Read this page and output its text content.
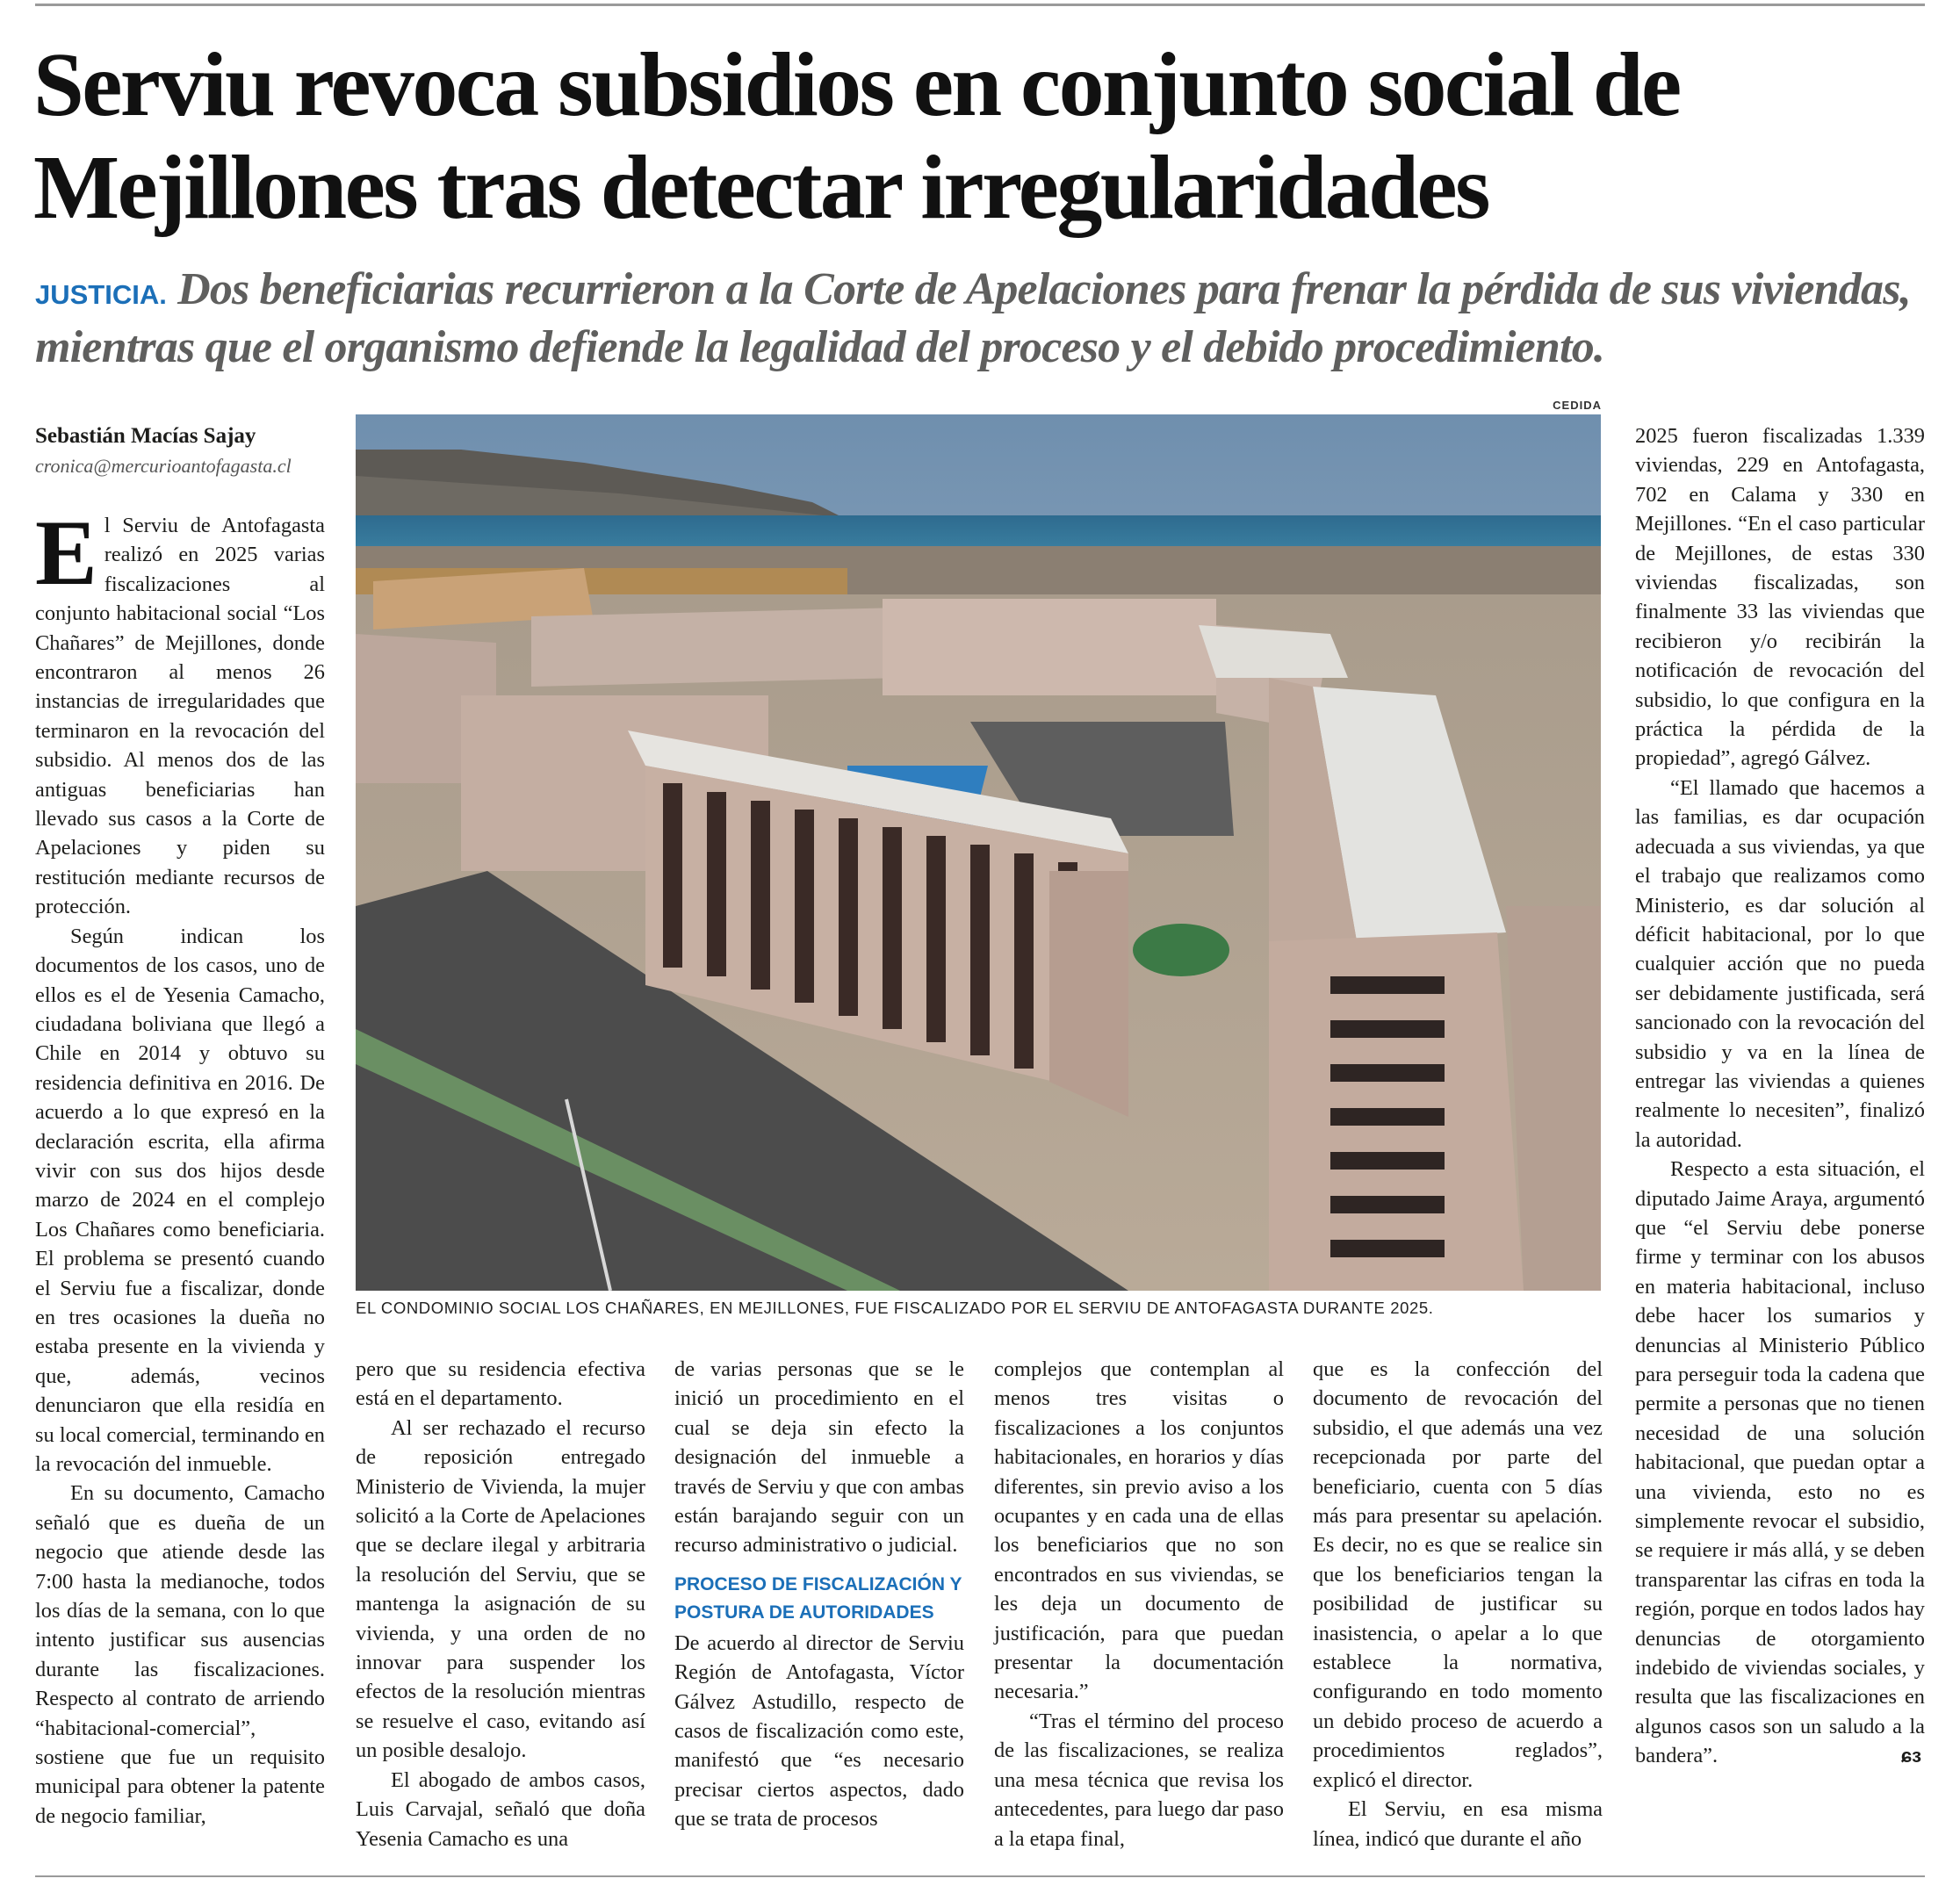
Serviu revoca subsidios en conjunto social de Mejillones tras detectar irregularidades

JUSTICIA. Dos beneficiarias recurrieron a la Corte de Apelaciones para frenar la pérdida de sus viviendas, mientras que el organismo defiende la legalidad del proceso y el debido procedimiento.

Sebastián Macías Sajay
cronica@mercurioantofagasta.cl
CEDIDA
EL CONDOMINIO SOCIAL LOS CHAÑARES, EN MEJILLONES, FUE FISCALIZADO POR EL SERVIU DE ANTOFAGASTA DURANTE 2025.

El Serviu de Antofagasta realizó en 2025 varias fiscalizaciones al conjunto habitacional social “Los Chañares” de Mejillones, donde encontraron al menos 26 instancias de irregularidades que terminaron en la revocación del subsidio. Al menos dos de las antiguas beneficiarias han llevado sus casos a la Corte de Apelaciones y piden su restitución mediante recursos de protección.

Según indican los documentos de los casos, uno de ellos es el de Yesenia Camacho, ciudadana boliviana que llegó a Chile en 2014 y obtuvo su residencia definitiva en 2016. De acuerdo a lo que expresó en la declaración escrita, ella afirma vivir con sus dos hijos desde marzo de 2024 en el complejo Los Chañares como beneficiaria. El problema se presentó cuando el Serviu fue a fiscalizar, donde en tres ocasiones la dueña no estaba presente en la vivienda y que, además, vecinos denunciaron que ella residía en su local comercial, terminando en la revocación del inmueble.

En su documento, Camacho señaló que es dueña de un negocio que atiende desde las 7:00 hasta la medianoche, todos los días de la semana, con lo que intento justificar sus ausencias durante las fiscalizaciones. Respecto al contrato de arriendo “habitacional-comercial”, sostiene que fue un requisito municipal para obtener la patente de negocio familiar,

pero que su residencia efectiva está en el departamento.

Al ser rechazado el recurso de reposición entregado Ministerio de Vivienda, la mujer solicitó a la Corte de Apelaciones que se declare ilegal y arbitraria la resolución del Serviu, que se mantenga la asignación de su vivienda, y una orden de no innovar para suspender los efectos de la resolución mientras se resuelve el caso, evitando así un posible desalojo.

El abogado de ambos casos, Luis Carvajal, señaló que doña Yesenia Camacho es una

de varias personas que se le inició un procedimiento en el cual se deja sin efecto la designación del inmueble a través de Serviu y que con ambas están barajando seguir con un recurso administrativo o judicial.

PROCESO DE FISCALIZACIÓN Y POSTURA DE AUTORIDADES

De acuerdo al director de Serviu Región de Antofagasta, Víctor Gálvez Astudillo, respecto de casos de fiscalización como este, manifestó que “es necesario precisar ciertos aspectos, dado que se trata de procesos

complejos que contemplan al menos tres visitas o fiscalizaciones a los conjuntos habitacionales, en horarios y días diferentes, sin previo aviso a los ocupantes y en cada una de ellas los beneficiarios que no son encontrados en sus viviendas, se les deja un documento de justificación, para que puedan presentar la documentación necesaria.”

“Tras el término del proceso de las fiscalizaciones, se realiza una mesa técnica que revisa los antecedentes, para luego dar paso a la etapa final,

que es la confección del documento de revocación del subsidio, el que además una vez recepcionada por parte del beneficiario, cuenta con 5 días más para presentar su apelación. Es decir, no es que se realice sin que los beneficiarios tengan la posibilidad de justificar su inasistencia, o apelar a lo que establece la normativa, configurando en todo momento un debido proceso de acuerdo a procedimientos reglados”, explicó el director.

El Serviu, en esa misma línea, indicó que durante el año

2025 fueron fiscalizadas 1.339 viviendas, 229 en Antofagasta, 702 en Calama y 330 en Mejillones. “En el caso particular de Mejillones, de estas 330 viviendas fiscalizadas, son finalmente 33 las viviendas que recibieron y/o recibirán la notificación de revocación del subsidio, lo que configura en la práctica la pérdida de la propiedad”, agregó Gálvez.

“El llamado que hacemos a las familias, es dar ocupación adecuada a sus viviendas, ya que el trabajo que realizamos como Ministerio, es dar solución al déficit habitacional, por lo que cualquier acción que no pueda ser debidamente justificada, será sancionado con la revocación del subsidio y va en la línea de entregar las viviendas a quienes realmente lo necesiten”, finalizó la autoridad.

Respecto a esta situación, el diputado Jaime Araya, argumentó que “el Serviu debe ponerse firme y terminar con los abusos en materia habitacional, incluso debe hacer los sumarios y denuncias al Ministerio Público para perseguir toda la cadena que permite a personas que no tienen necesidad de una solución habitacional, que puedan optar a una vivienda, esto no es simplemente revocar el subsidio, se requiere ir más allá, y se deben transparentar las cifras en toda la región, porque en todos lados hay denuncias de otorgamiento indebido de viviendas sociales, y resulta que las fiscalizaciones en algunos casos son un saludo a la bandera”.	ɕɜ
